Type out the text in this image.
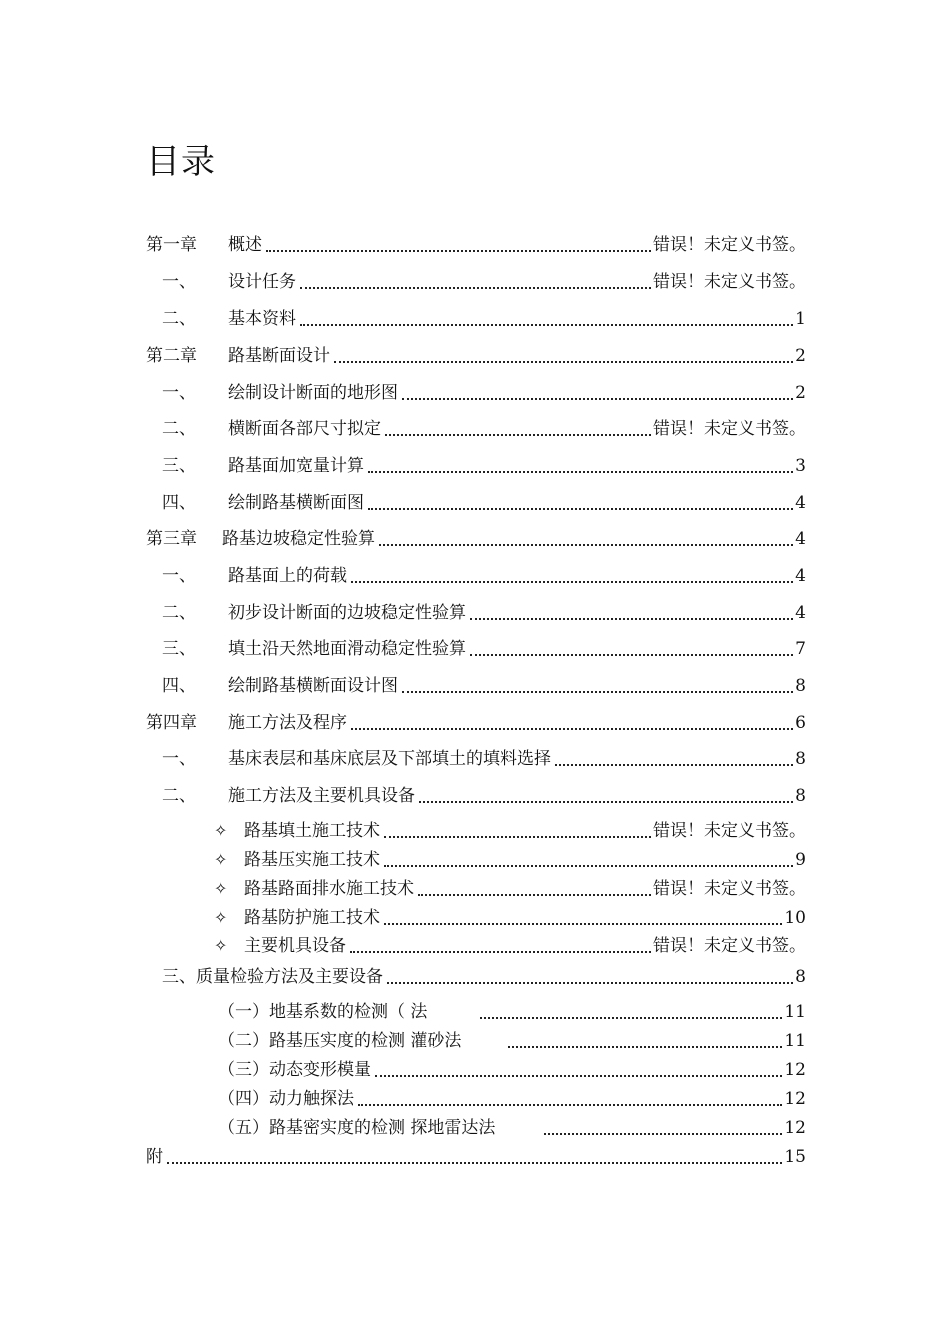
目录
第一章	概述	错误！未定义书签。
一、	设计任务	错误！未定义书签。
二、	基本资料	1
第二章	路基断面设计	2
一、	绘制设计断面的地形图	2
二、	横断面各部尺寸拟定	错误！未定义书签。
三、	路基面加宽量计算	3
四、	绘制路基横断面图	4
第三章	路基边坡稳定性验算	4
一、	路基面上的荷载	4
二、	初步设计断面的边坡稳定性验算	4
三、	填土沿天然地面滑动稳定性验算	7
四、	绘制路基横断面设计图	8
第四章	施工方法及程序	6
一、	基床表层和基床底层及下部填土的填料选择	8
二、	施工方法及主要机具设备	8
✧ 路基填土施工技术	错误！未定义书签。
✧ 路基压实施工技术	9
✧ 路基路面排水施工技术	错误！未定义书签。
✧ 路基防护施工技术	10
✧ 主要机具设备	错误！未定义书签。
三、质量检验方法及主要设备	8
（一）地基系数的检测（ 法	11
（二）路基压实度的检测 灌砂法	11
（三）动态变形模量	12
（四）动力触探法	12
（五）路基密实度的检测 探地雷达法	12
附	15
